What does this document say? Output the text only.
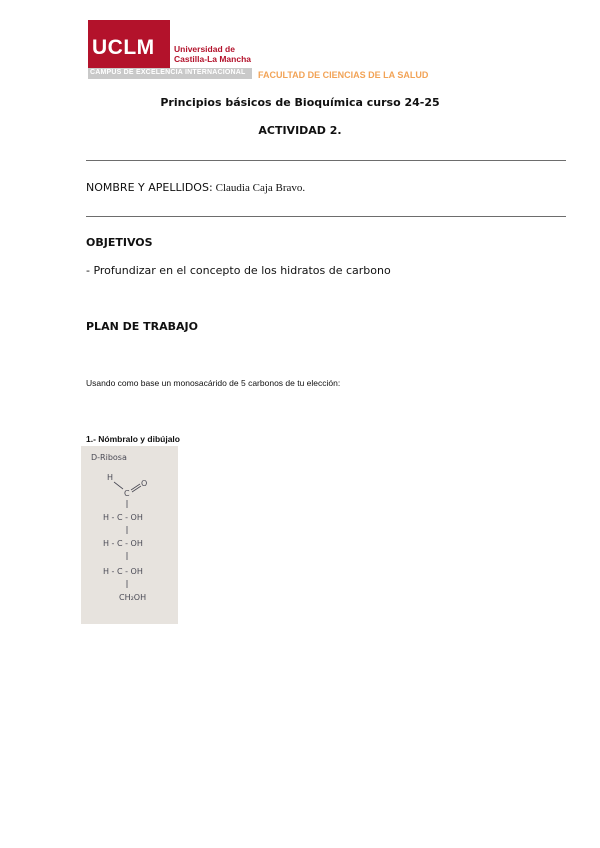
UCLM Universidad de
Castilla-La Mancha
CAMPUS DE EXCELENCIA INTERNACIONAL FACULTAD DE CIENCIAS DE LA SALUD
Principios básicos de Bioquímica curso 24-25
ACTIVIDAD 2.
NOMBRE Y APELLIDOS: Claudia Caja Bravo.
OBJETIVOS
- Profundizar en el concepto de los hidratos de carbono
PLAN DE TRABAJO
Usando como base un monosacárido de 5 carbonos de tu elección:
1.- Nómbralo y dibújalo
D-Ribosa
H
C
O
H - C - OH
H - C - OH
H - C - OH
CH₂OH
